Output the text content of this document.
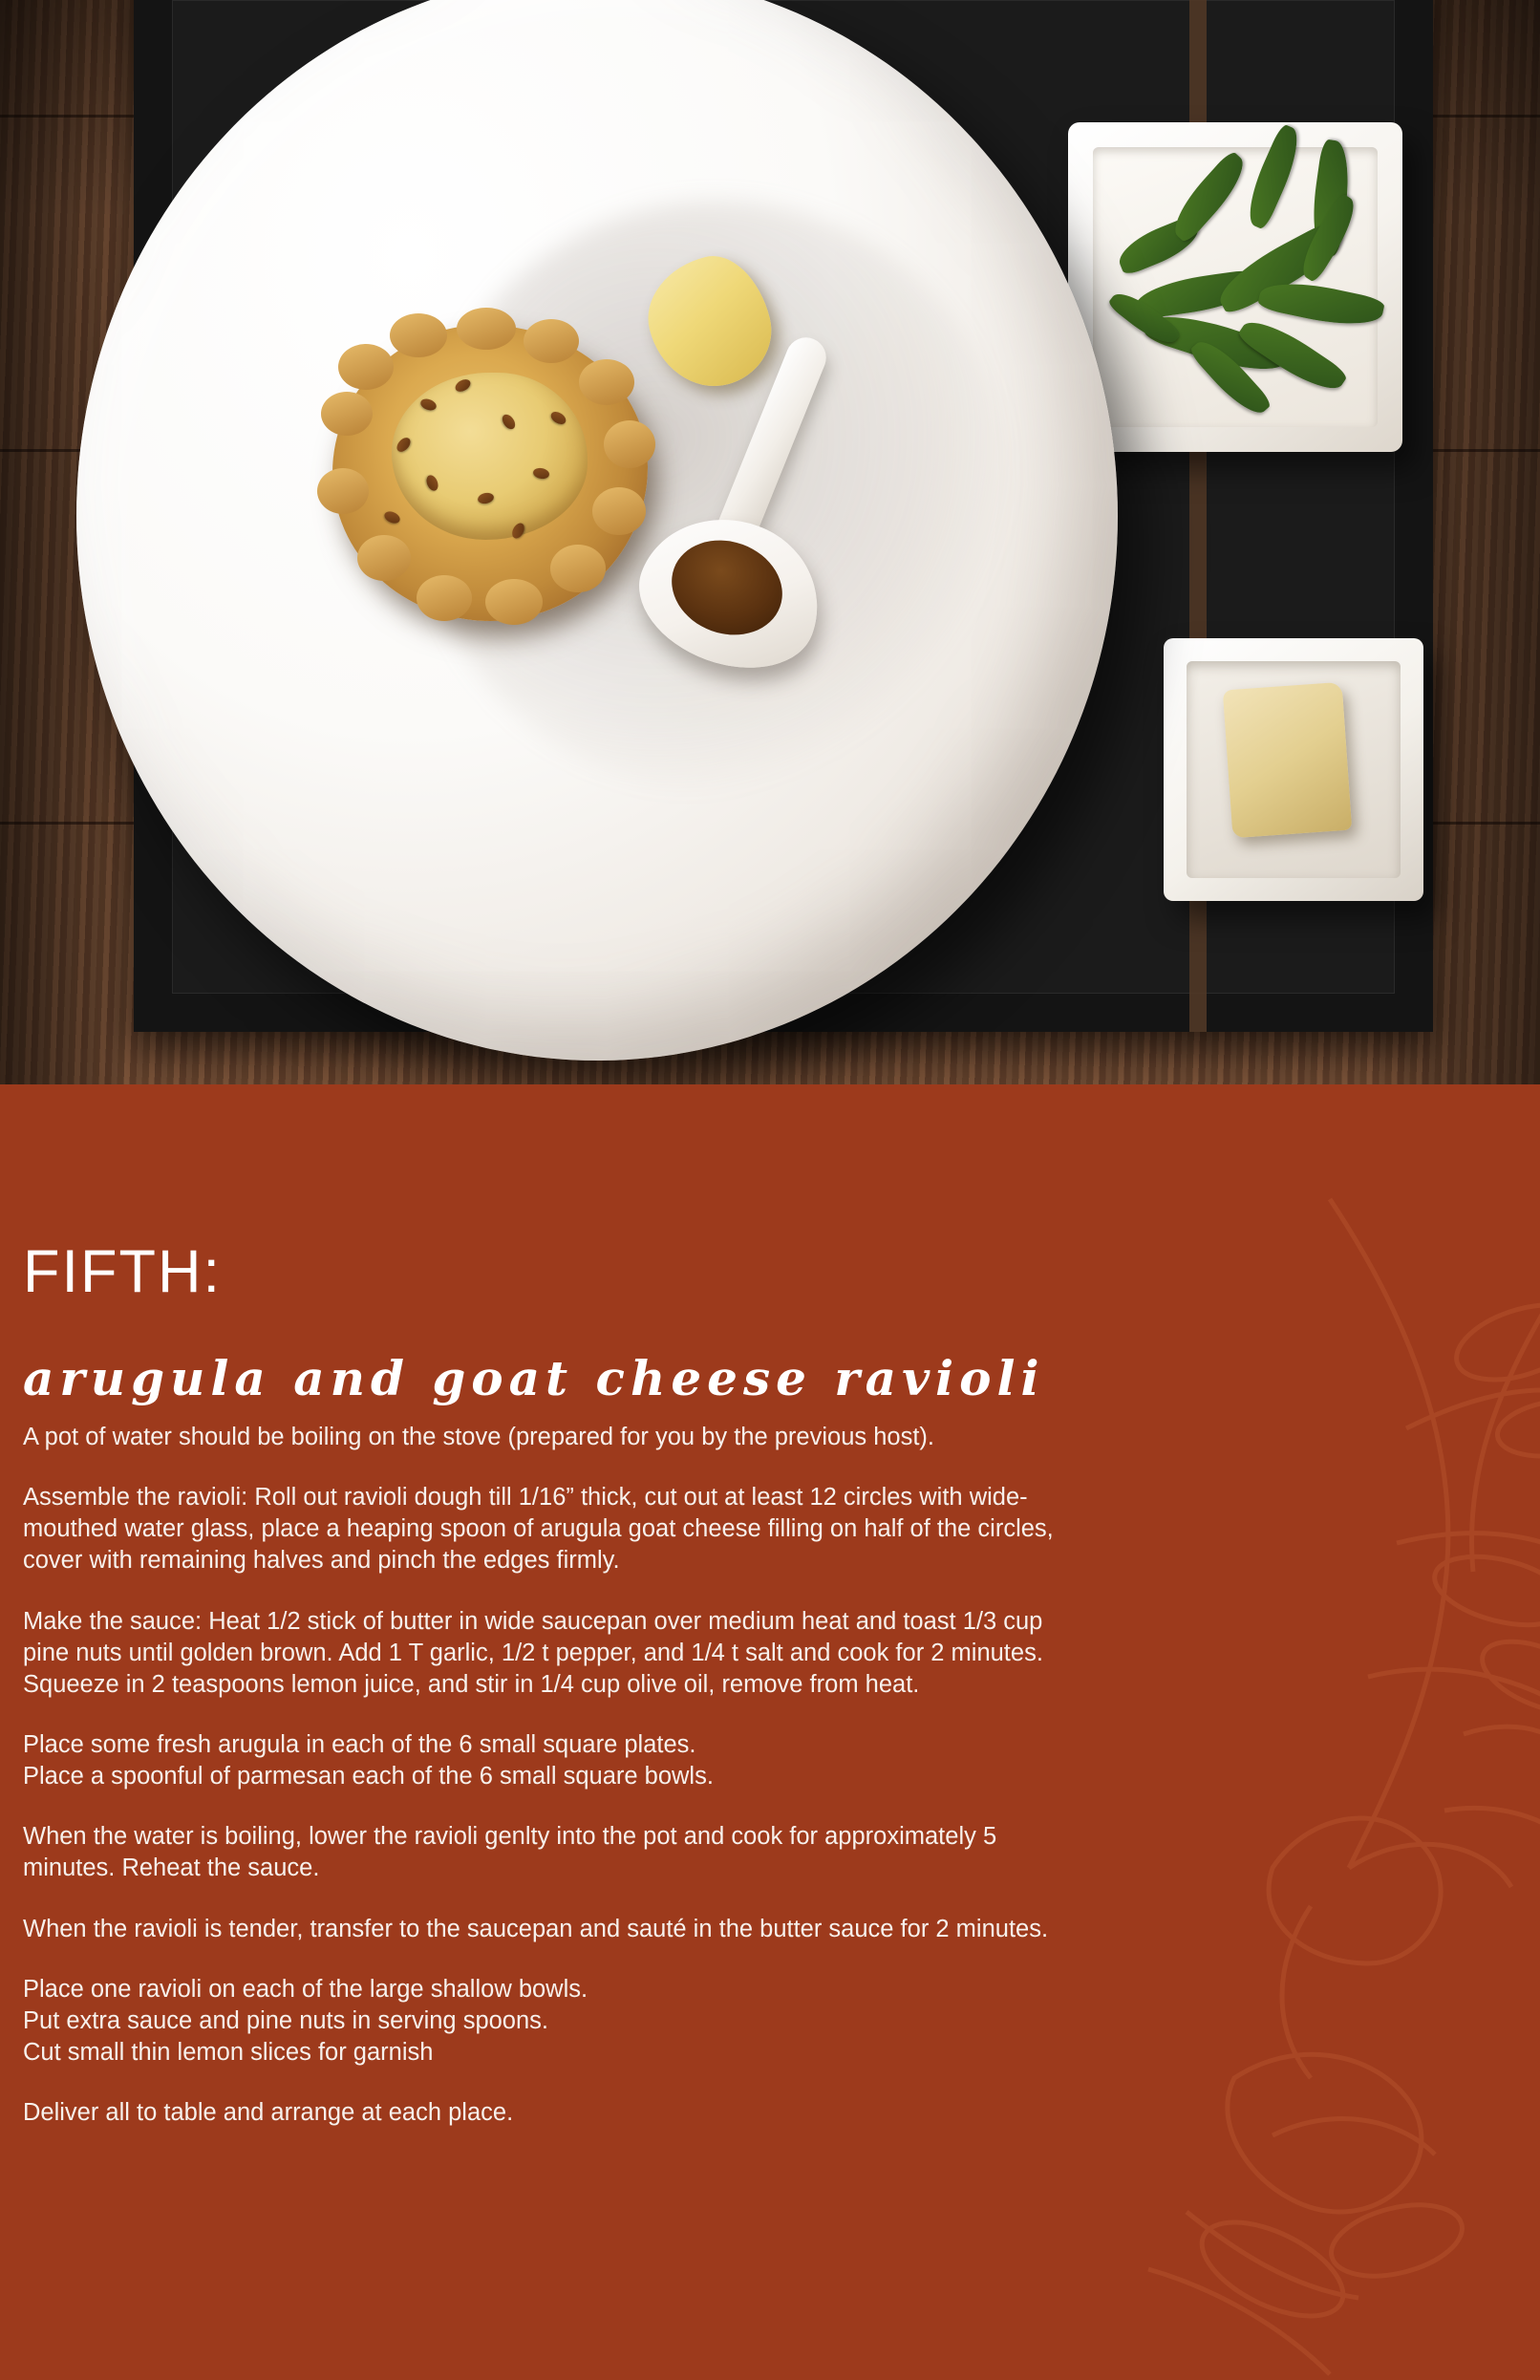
FIFTH:
arugula and goat cheese ravioli

A pot of water should be boiling on the stove (prepared for you by the previous host).

Assemble the ravioli: Roll out ravioli dough till 1/16” thick, cut out at least 12 circles with wide-
mouthed water glass, place a heaping spoon of arugula goat cheese filling on half of the circles,
cover with remaining halves and pinch the edges firmly.

Make the sauce: Heat 1/2 stick of butter in wide saucepan over medium heat and toast 1/3 cup
pine nuts until golden brown. Add 1 T garlic, 1/2 t pepper, and 1/4 t salt and cook for 2 minutes.
Squeeze in 2 teaspoons lemon juice, and stir in 1/4 cup olive oil, remove from heat.

Place some fresh arugula in each of the 6 small square plates.
Place a spoonful of parmesan each of the 6 small square bowls.

When the water is boiling, lower the ravioli genlty into the pot and cook for approximately 5
minutes. Reheat the sauce.

When the ravioli is tender, transfer to the saucepan and sauté in the butter sauce for 2 minutes.

Place one ravioli on each of the large shallow bowls.
Put extra sauce and pine nuts in serving spoons.
Cut small thin lemon slices for garnish

Deliver all to table and arrange at each place.
